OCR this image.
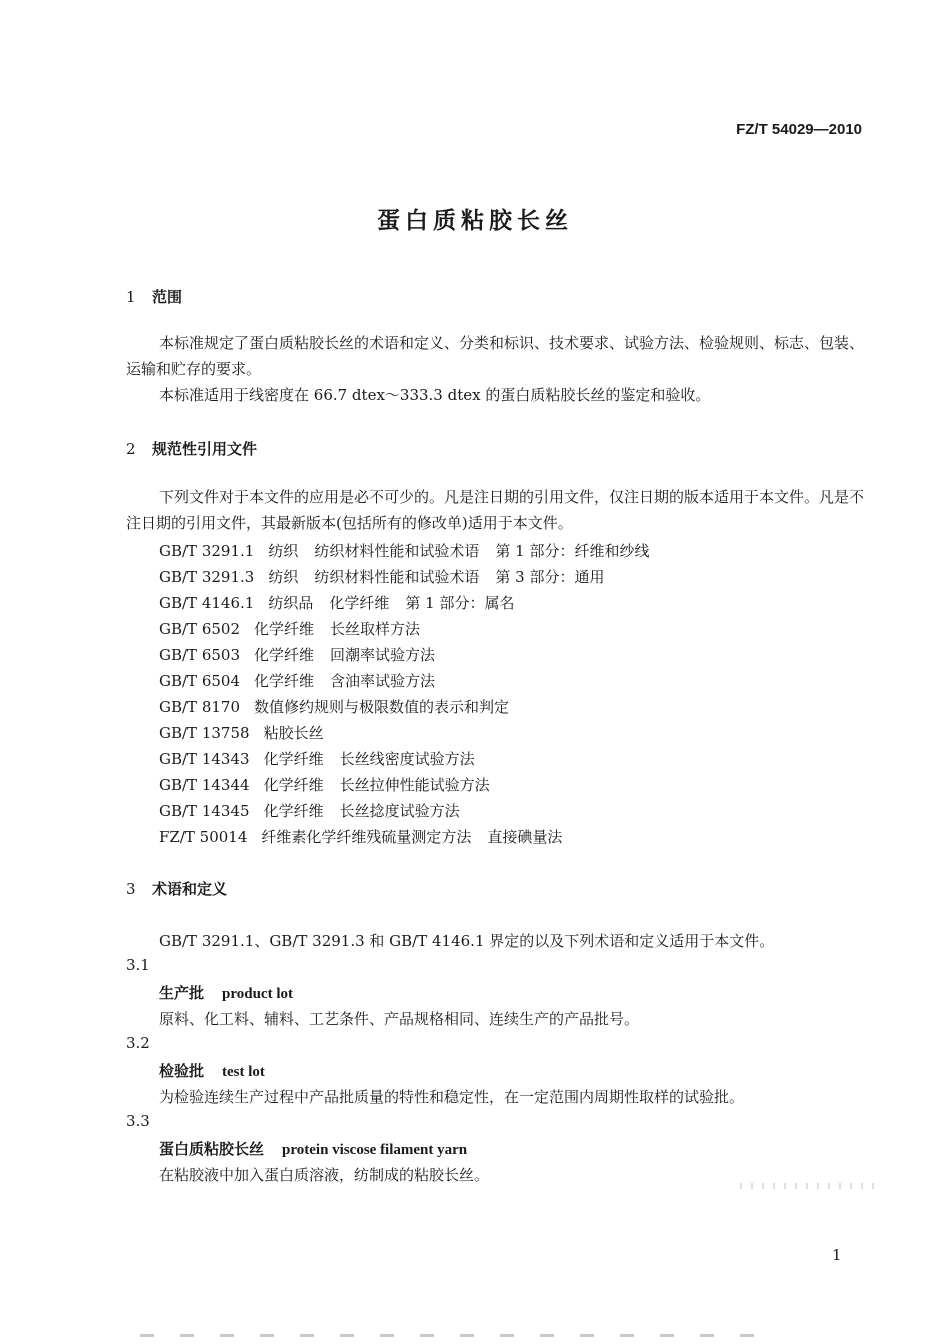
FZ/T 54029—2010
蛋白质粘胶长丝
1 范围
本标准规定了蛋白质粘胶长丝的术语和定义、分类和标识、技术要求、试验方法、检验规则、标志、包装、运输和贮存的要求。
本标准适用于线密度在 66.7 dtex～333.3 dtex 的蛋白质粘胶长丝的鉴定和验收。
2 规范性引用文件
下列文件对于本文件的应用是必不可少的。凡是注日期的引用文件，仅注日期的版本适用于本文件。凡是不注日期的引用文件，其最新版本(包括所有的修改单)适用于本文件。
GB/T 3291.1 纺织 纺织材料性能和试验术语 第 1 部分：纤维和纱线
GB/T 3291.3 纺织 纺织材料性能和试验术语 第 3 部分：通用
GB/T 4146.1 纺织品 化学纤维 第 1 部分：属名
GB/T 6502 化学纤维 长丝取样方法
GB/T 6503 化学纤维 回潮率试验方法
GB/T 6504 化学纤维 含油率试验方法
GB/T 8170 数值修约规则与极限数值的表示和判定
GB/T 13758 粘胶长丝
GB/T 14343 化学纤维 长丝线密度试验方法
GB/T 14344 化学纤维 长丝拉伸性能试验方法
GB/T 14345 化学纤维 长丝捻度试验方法
FZ/T 50014 纤维素化学纤维残硫量测定方法 直接碘量法
3 术语和定义
GB/T 3291.1、GB/T 3291.3 和 GB/T 4146.1 界定的以及下列术语和定义适用于本文件。
3.1
生产批 product lot
原料、化工料、辅料、工艺条件、产品规格相同、连续生产的产品批号。
3.2
检验批 test lot
为检验连续生产过程中产品批质量的特性和稳定性，在一定范围内周期性取样的试验批。
3.3
蛋白质粘胶长丝 protein viscose filament yarn
在粘胶液中加入蛋白质溶液，纺制成的粘胶长丝。
1
